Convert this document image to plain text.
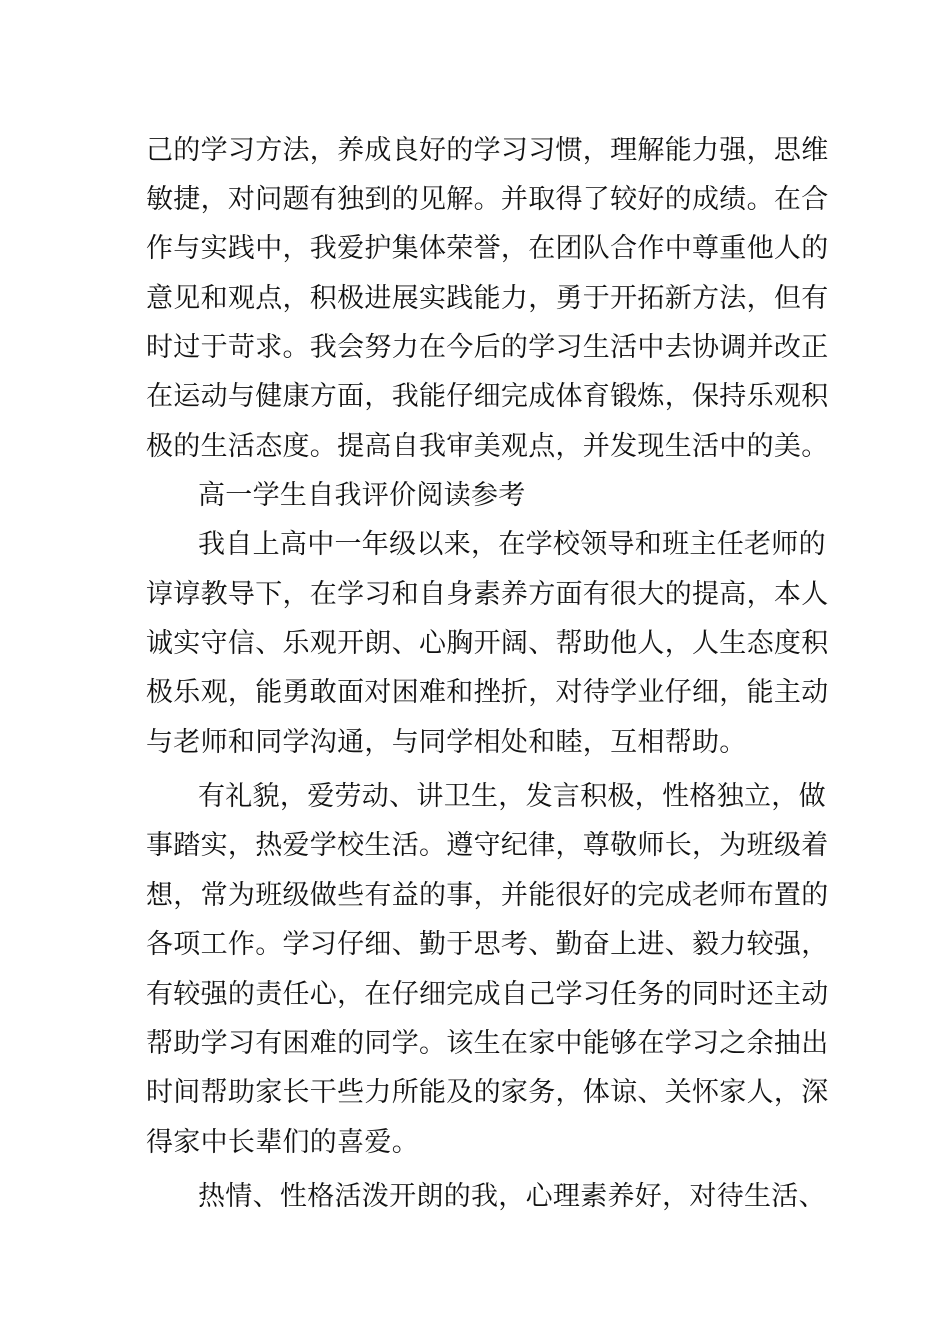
己的学习方法，养成良好的学习习惯，理解能力强，思维
敏捷，对问题有独到的见解。并取得了较好的成绩。在合
作与实践中，我爱护集体荣誉，在团队合作中尊重他人的
意见和观点，积极进展实践能力，勇于开拓新方法，但有
时过于苛求。我会努力在今后的学习生活中去协调并改正
在运动与健康方面，我能仔细完成体育锻炼，保持乐观积
极的生活态度。提高自我审美观点，并发现生活中的美。
高一学生自我评价阅读参考
我自上高中一年级以来，在学校领导和班主任老师的
谆谆教导下，在学习和自身素养方面有很大的提高，本人
诚实守信、乐观开朗、心胸开阔、帮助他人，人生态度积
极乐观，能勇敢面对困难和挫折，对待学业仔细，能主动
与老师和同学沟通，与同学相处和睦，互相帮助。
有礼貌，爱劳动、讲卫生，发言积极，性格独立，做
事踏实，热爱学校生活。遵守纪律，尊敬师长，为班级着
想，常为班级做些有益的事，并能很好的完成老师布置的
各项工作。学习仔细、勤于思考、勤奋上进、毅力较强，
有较强的责任心，在仔细完成自己学习任务的同时还主动
帮助学习有困难的同学。该生在家中能够在学习之余抽出
时间帮助家长干些力所能及的家务，体谅、关怀家人，深
得家中长辈们的喜爱。
热情、性格活泼开朗的我，心理素养好，对待生活、
